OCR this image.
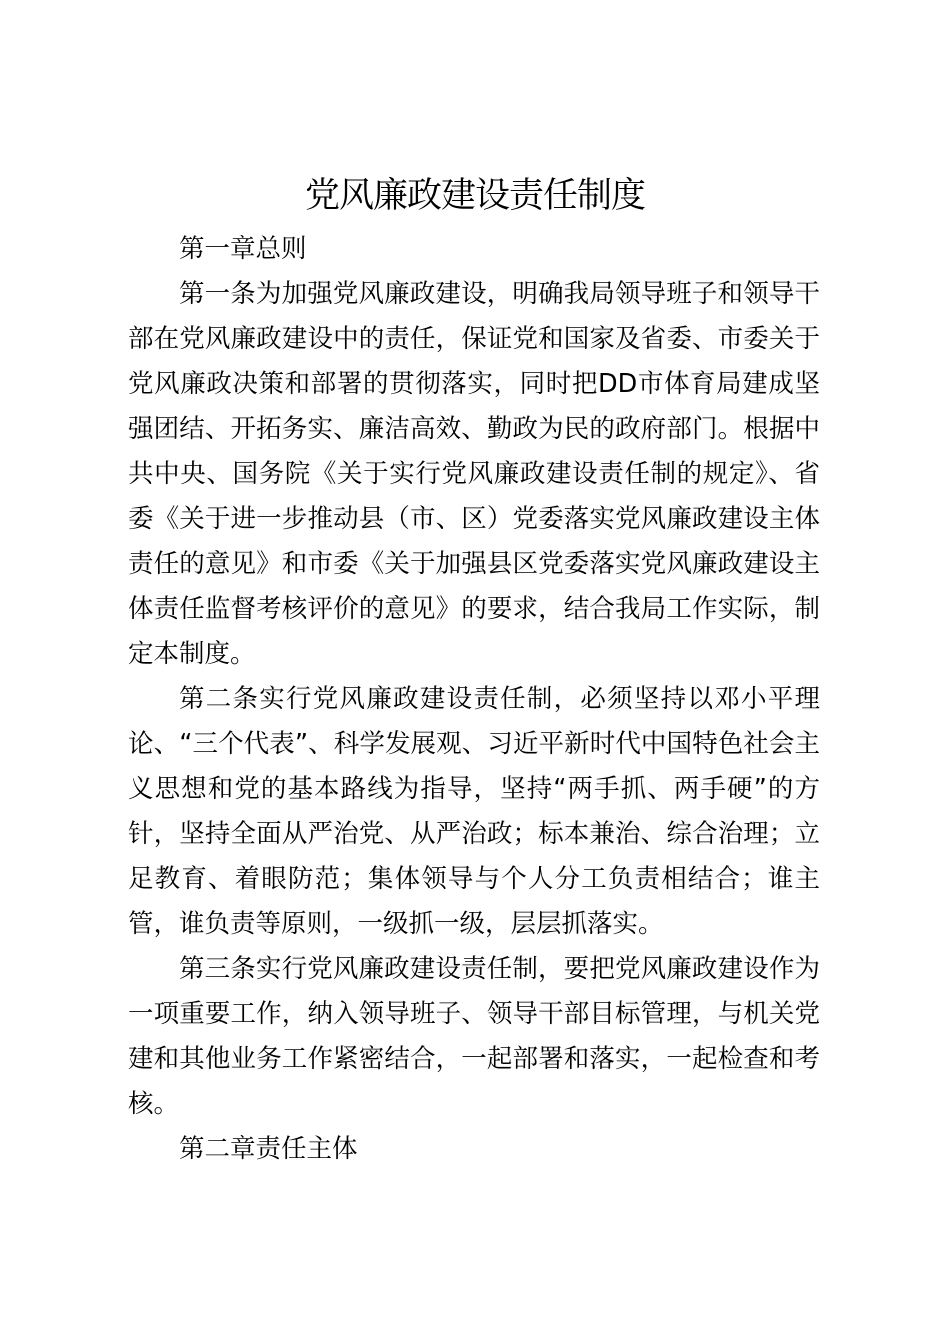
党风廉政建设责任制度

第一章总则

第一条为加强党风廉政建设，明确我局领导班子和领导干部在党风廉政建设中的责任，保证党和国家及省委、市委关于党风廉政决策和部署的贯彻落实，同时把DD市体育局建成坚强团结、开拓务实、廉洁高效、勤政为民的政府部门。根据中共中央、国务院《关于实行党风廉政建设责任制的规定》、省委《关于进一步推动县（市、区）党委落实党风廉政建设主体责任的意见》和市委《关于加强县区党委落实党风廉政建设主体责任监督考核评价的意见》的要求，结合我局工作实际，制定本制度。

第二条实行党风廉政建设责任制，必须坚持以邓小平理论、“三个代表”、科学发展观、习近平新时代中国特色社会主义思想和党的基本路线为指导，坚持“两手抓、两手硬”的方针，坚持全面从严治党、从严治政；标本兼治、综合治理；立足教育、着眼防范；集体领导与个人分工负责相结合；谁主管，谁负责等原则，一级抓一级，层层抓落实。

第三条实行党风廉政建设责任制，要把党风廉政建设作为一项重要工作，纳入领导班子、领导干部目标管理，与机关党建和其他业务工作紧密结合，一起部署和落实，一起检查和考核。

第二章责任主体
